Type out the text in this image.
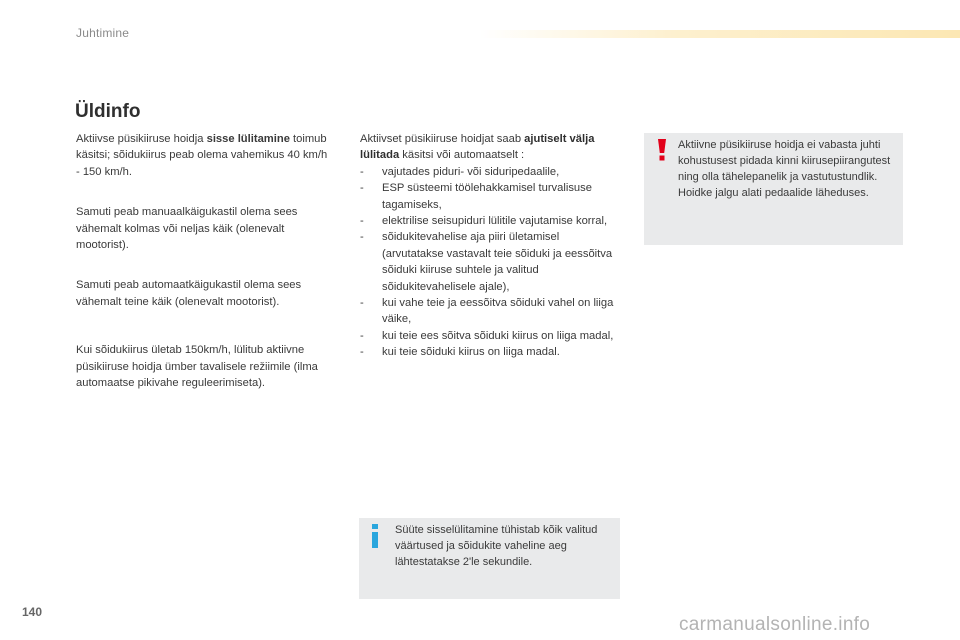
Juhtimine
Üldinfo

Aktiivse püsikiiruse hoidja sisse lülitamine toimub käsitsi; sõidukiirus peab olema vahemikus 40 km/h - 150 km/h.

Samuti peab manuaalkäigukastil olema sees vähemalt kolmas või neljas käik (olenevalt mootorist).

Samuti peab automaatkäigukastil olema sees vähemalt teine käik (olenevalt mootorist).

Kui sõidukiirus ületab 150km/h, lülitub aktiivne püsikiiruse hoidja ümber tavalisele režiimile (ilma automaatse pikivahe reguleerimiseta).

Aktiivset püsikiiruse hoidjat saab ajutiselt välja lülitada käsitsi või automaatselt :
- vajutades piduri- või siduripedaalile,
- ESP süsteemi töölehakkamisel turvalisuse tagamiseks,
- elektrilise seisupiduri lülitile vajutamise korral,
- sõidukitevahelise aja piiri ületamisel (arvutatakse vastavalt teie sõiduki ja eessõitva sõiduki kiiruse suhtele ja valitud sõidukitevahelisele ajale),
- kui vahe teie ja eessõitva sõiduki vahel on liiga väike,
- kui teie ees sõitva sõiduki kiirus on liiga madal,
- kui teie sõiduki kiirus on liiga madal.
Aktiivne püsikiiruse hoidja ei vabasta juhti kohustusest pidada kinni kiirusepiirangutest ning olla tähelepanelik ja vastutustundlik. Hoidke jalgu alati pedaalide läheduses.
Süüte sisselülitamine tühistab kõik valitud väärtused ja sõidukite vaheline aeg lähtestatakse 2'le sekundile.
140
carmanualsonline.info
